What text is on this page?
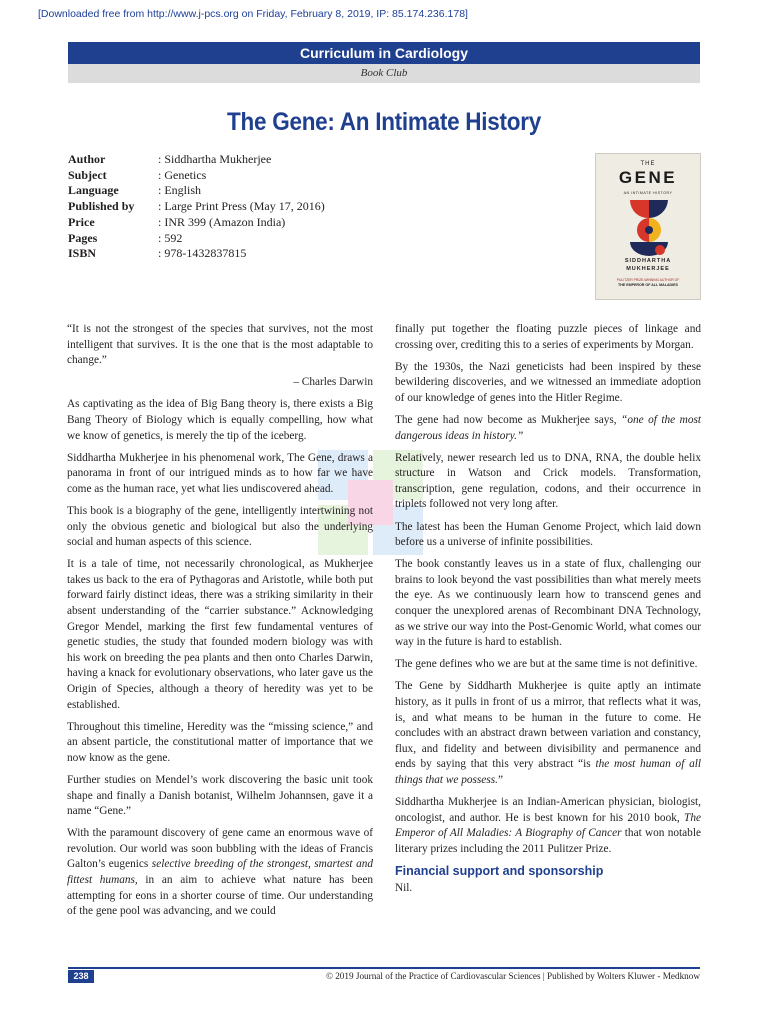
[Downloaded free from http://www.j-pcs.org on Friday, February 8, 2019, IP: 85.174.236.178]
Curriculum in Cardiology
Book Club
The Gene: An Intimate History
Author	: Siddhartha Mukherjee
Subject	: Genetics
Language	: English
Published by	: Large Print Press (May 17, 2016)
Price	: INR 399 (Amazon India)
Pages	: 592
ISBN	: 978-1432837815
THE
GENE
AN INTIMATE HISTORY
SIDDHARTHA
MUKHERJEE
PULITZER PRIZE-WINNING AUTHOR OF
THE EMPEROR OF ALL MALADIES

“It is not the strongest of the species that survives, not the most intelligent that survives. It is the one that is the most adaptable to change.”

– Charles Darwin

As captivating as the idea of Big Bang theory is, there exists a Big Bang Theory of Biology which is equally compelling, how what we know of genetics, is merely the tip of the iceberg.

Siddhartha Mukherjee in his phenomenal work, The Gene, draws a panorama in front of our intrigued minds as to how far we have come as the human race, yet what lies undiscovered ahead.

This book is a biography of the gene, intelligently intertwining not only the obvious genetic and biological but also the underlying social and human aspects of this science.

It is a tale of time, not necessarily chronological, as Mukherjee takes us back to the era of Pythagoras and Aristotle, while both put forward fairly distinct ideas, there was a striking similarity in their absent understanding of the “carrier substance.” Acknowledging Gregor Mendel, marking the first few fundamental ventures of genetic studies, the study that founded modern biology was with his work on breeding the pea plants and then onto Charles Darwin, having a knack for evolutionary observations, who later gave us the Origin of Species, although a theory of heredity was yet to be established.

Throughout this timeline, Heredity was the “missing science,” and an absent particle, the constitutional matter of importance that we now know as the gene.

Further studies on Mendel’s work discovering the basic unit took shape and finally a Danish botanist, Wilhelm Johannsen, gave it a name “Gene.”

With the paramount discovery of gene came an enormous wave of revolution. Our world was soon bubbling with the ideas of Francis Galton’s eugenics selective breeding of the strongest, smartest and fittest humans, in an aim to achieve what nature has been attempting for eons in a shorter course of time. Our understanding of the gene pool was advancing, and we could

finally put together the floating puzzle pieces of linkage and crossing over, crediting this to a series of experiments by Morgan.

By the 1930s, the Nazi geneticists had been inspired by these bewildering discoveries, and we witnessed an immediate adoption of our knowledge of genes into the Hitler Regime.

The gene had now become as Mukherjee says, “one of the most dangerous ideas in history.”

Relatively, newer research led us to DNA, RNA, the double helix structure in Watson and Crick models. Transformation, transcription, gene regulation, codons, and their occurrence in triplets followed not very long after.

The latest has been the Human Genome Project, which laid down before us a universe of infinite possibilities.

The book constantly leaves us in a state of flux, challenging our brains to look beyond the vast possibilities than what merely meets the eye. As we continuously learn how to transcend genes and conquer the unexplored arenas of Recombinant DNA Technology, as we strive our way into the Post-Genomic World, what comes our way in the future is hard to establish.

The gene defines who we are but at the same time is not definitive.

The Gene by Siddharth Mukherjee is quite aptly an intimate history, as it pulls in front of us a mirror, that reflects what it was, is, and what means to be human in the future to come. He concludes with an abstract drawn between variation and constancy, flux, and fidelity and between divisibility and permanence and ends by saying that this very abstract “is the most human of all things that we possess.”

Siddhartha Mukherjee is an Indian-American physician, biologist, oncologist, and author. He is best known for his 2010 book, The Emperor of All Maladies: A Biography of Cancer that won notable literary prizes including the 2011 Pulitzer Prize.

Financial support and sponsorship

Nil.

238	© 2019 Journal of the Practice of Cardiovascular Sciences | Published by Wolters Kluwer - Medknow
